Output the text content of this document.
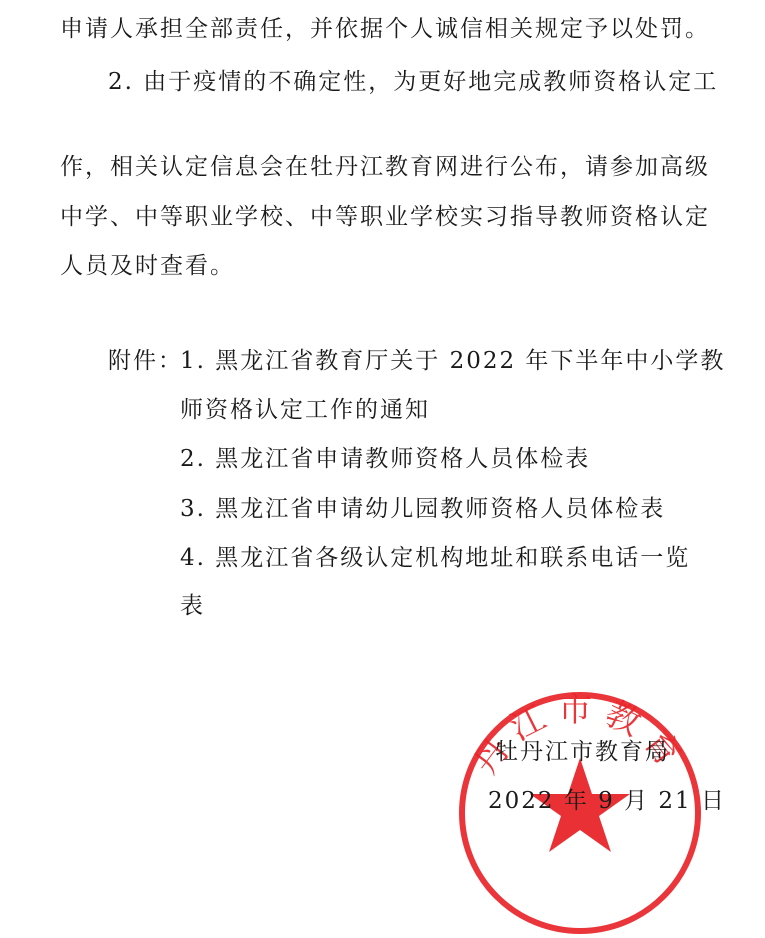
申请人承担全部责任，并依据个人诚信相关规定予以处罚。
2. 由于疫情的不确定性，为更好地完成教师资格认定工
作，相关认定信息会在牡丹江教育网进行公布，请参加高级
中学、中等职业学校、中等职业学校实习指导教师资格认定
人员及时查看。
附件：
1. 黑龙江省教育厅关于 2022 年下半年中小学教
师资格认定工作的通知
2. 黑龙江省申请教师资格人员体检表
3. 黑龙江省申请幼儿园教师资格人员体检表
4. 黑龙江省各级认定机构地址和联系电话一览
表
丹江市教育
牡丹江市教育局
2022 年 9 月 21 日
